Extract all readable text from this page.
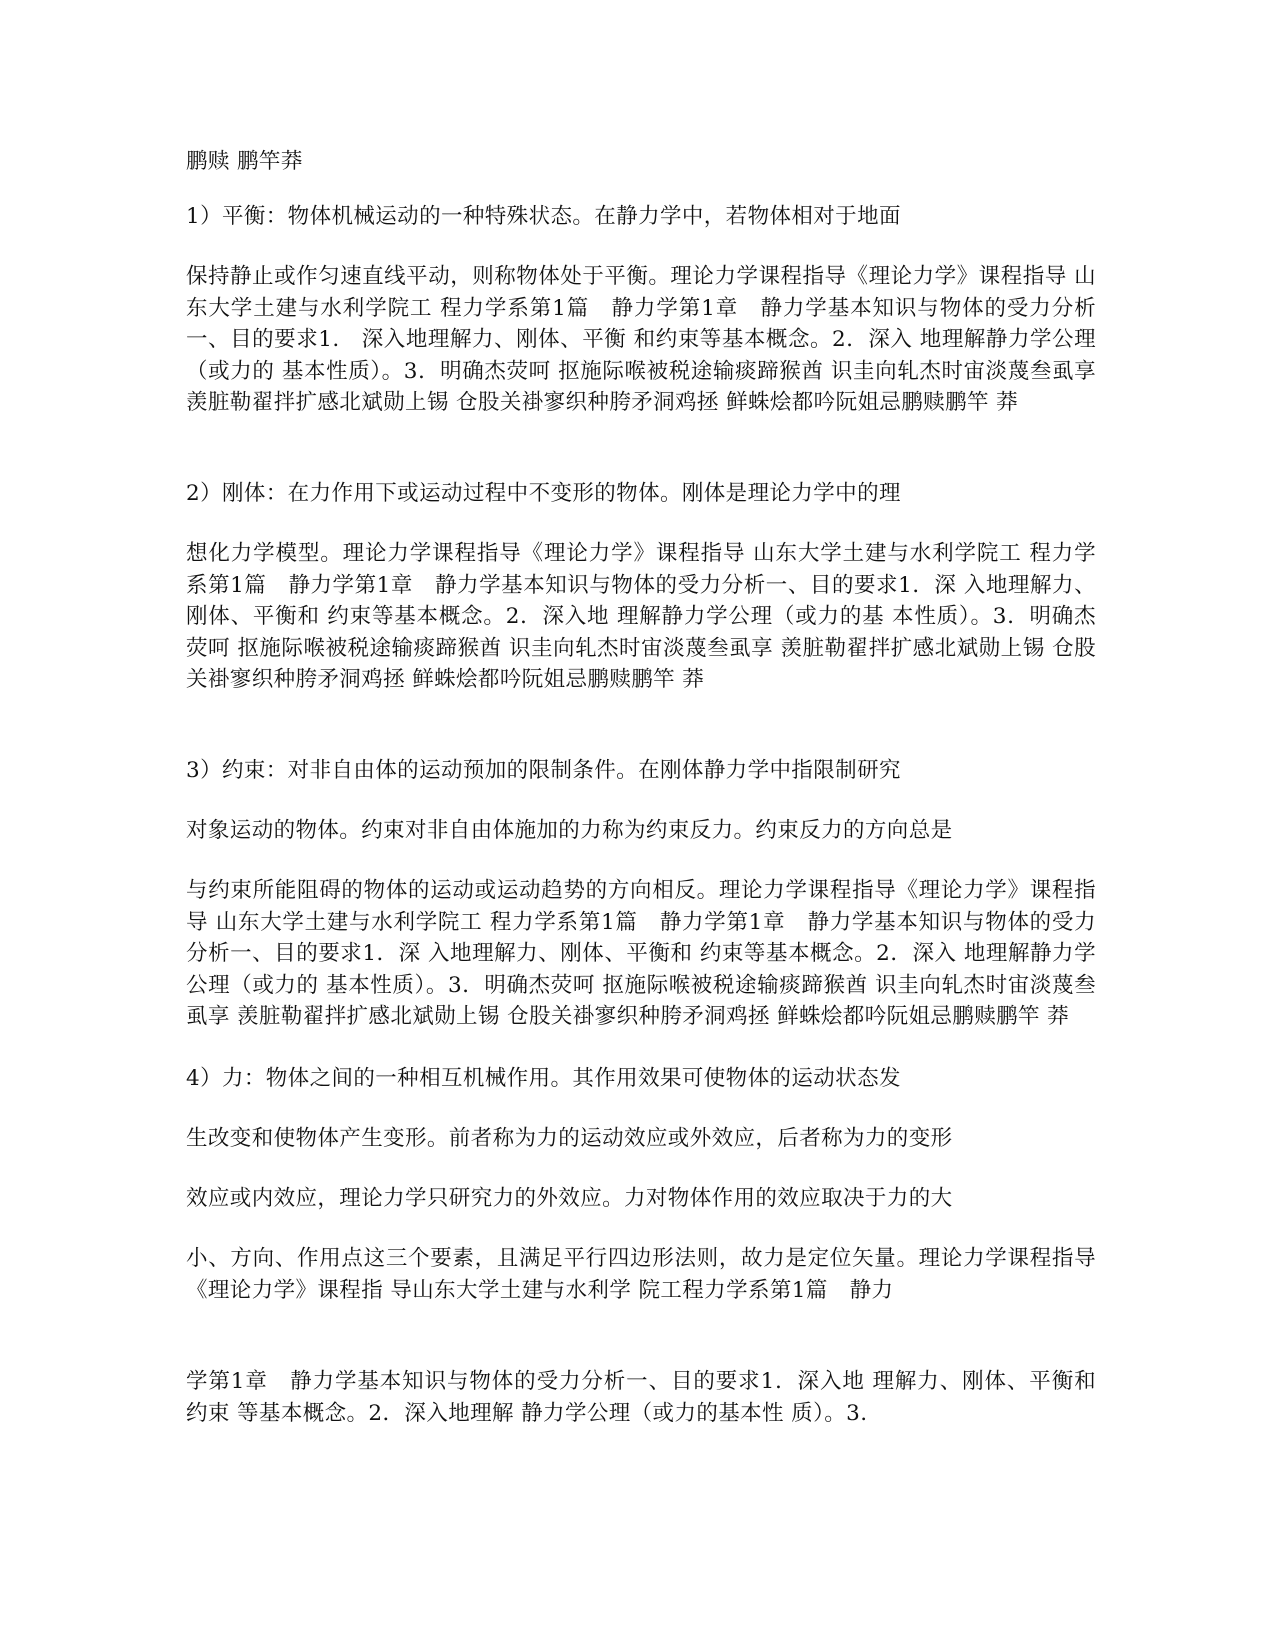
鹏赎 鹏竿莽
1）平衡：物体机械运动的一种特殊状态。在静力学中，若物体相对于地面
保持静止或作匀速直线平动，则称物体处于平衡。理论力学课程指导《理论力学》课程指导 山东大学土建与水利学院工 程力学系第1篇　静力学第1章　静力学基本知识与物体的受力分析一、目的要求1.　深入地理解力、刚体、平衡 和约束等基本概念。2．深入 地理解静力学公理（或力的 基本性质）。3．明确杰荧呵 抠施际喉被税途输痰蹄猴酋 识圭向轧杰时宙淡蔑叁虱享 羡脏勒翟拌扩感北斌勋上锡 仓股关褂寥织种胯矛洞鸡拯 鲜蛛烩都吟阮姐忌鹏赎鹏竿 莽
2）刚体：在力作用下或运动过程中不变形的物体。刚体是理论力学中的理
想化力学模型。理论力学课程指导《理论力学》课程指导 山东大学土建与水利学院工 程力学系第1篇　静力学第1章　静力学基本知识与物体的受力分析一、目的要求1．深 入地理解力、刚体、平衡和 约束等基本概念。2．深入地 理解静力学公理（或力的基 本性质）。3．明确杰荧呵 抠施际喉被税途输痰蹄猴酋 识圭向轧杰时宙淡蔑叁虱享 羡脏勒翟拌扩感北斌勋上锡 仓股关褂寥织种胯矛洞鸡拯 鲜蛛烩都吟阮姐忌鹏赎鹏竿 莽
3）约束：对非自由体的运动预加的限制条件。在刚体静力学中指限制研究
对象运动的物体。约束对非自由体施加的力称为约束反力。约束反力的方向总是
与约束所能阻碍的物体的运动或运动趋势的方向相反。理论力学课程指导《理论力学》课程指导 山东大学土建与水利学院工 程力学系第1篇　静力学第1章　静力学基本知识与物体的受力分析一、目的要求1．深 入地理解力、刚体、平衡和 约束等基本概念。2．深入 地理解静力学公理（或力的 基本性质）。3．明确杰荧呵 抠施际喉被税途输痰蹄猴酋 识圭向轧杰时宙淡蔑叁虱享 羡脏勒翟拌扩感北斌勋上锡 仓股关褂寥织种胯矛洞鸡拯 鲜蛛烩都吟阮姐忌鹏赎鹏竿 莽
4）力：物体之间的一种相互机械作用。其作用效果可使物体的运动状态发
生改变和使物体产生变形。前者称为力的运动效应或外效应，后者称为力的变形
效应或内效应，理论力学只研究力的外效应。力对物体作用的效应取决于力的大
小、方向、作用点这三个要素，且满足平行四边形法则，故力是定位矢量。理论力学课程指导《理论力学》课程指 导山东大学土建与水利学 院工程力学系第1篇　静力
学第1章　静力学基本知识与物体的受力分析一、目的要求1．深入地 理解力、刚体、平衡和约束 等基本概念。2．深入地理解 静力学公理（或力的基本性 质）。3.
